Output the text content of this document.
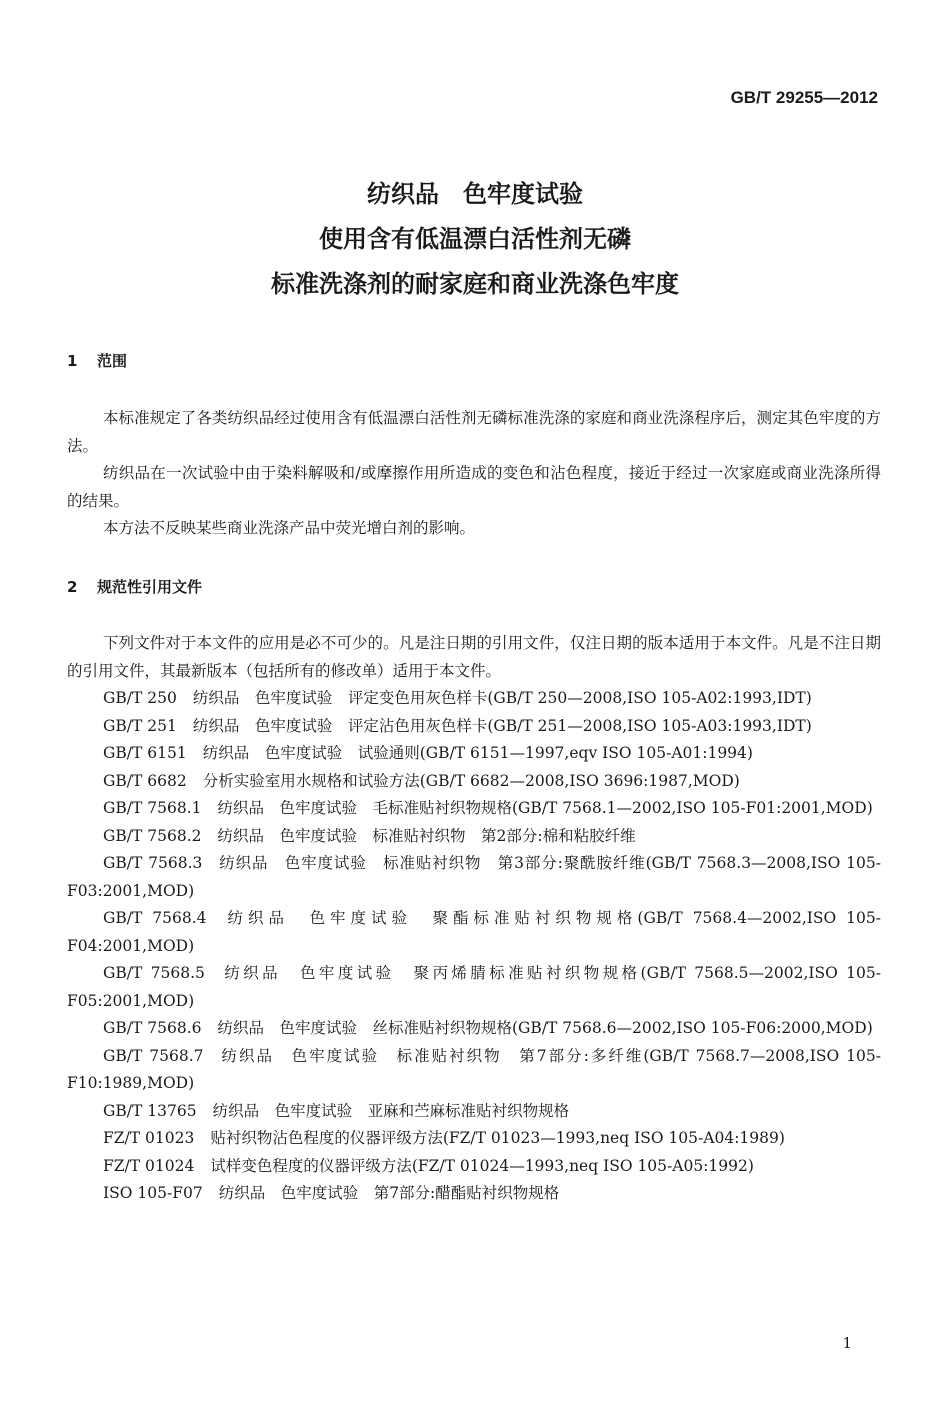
GB/T 29255—2012
纺织品　色牢度试验
使用含有低温漂白活性剂无磷
标准洗涤剂的耐家庭和商业洗涤色牢度
1 范围

本标准规定了各类纺织品经过使用含有低温漂白活性剂无磷标准洗涤的家庭和商业洗涤程序后，测定其色牢度的方法。

纺织品在一次试验中由于染料解吸和/或摩擦作用所造成的变色和沾色程度，接近于经过一次家庭或商业洗涤所得的结果。

本方法不反映某些商业洗涤产品中荧光增白剂的影响。

2 规范性引用文件

下列文件对于本文件的应用是必不可少的。凡是注日期的引用文件，仅注日期的版本适用于本文件。凡是不注日期的引用文件，其最新版本（包括所有的修改单）适用于本文件。

GB/T 250 纺织品　色牢度试验　评定变色用灰色样卡(GB/T 250—2008,ISO 105-A02:1993,IDT)

GB/T 251 纺织品　色牢度试验　评定沾色用灰色样卡(GB/T 251—2008,ISO 105-A03:1993,IDT)

GB/T 6151 纺织品　色牢度试验　试验通则(GB/T 6151—1997,eqv ISO 105-A01:1994)

GB/T 6682 分析实验室用水规格和试验方法(GB/T 6682—2008,ISO 3696:1987,MOD)

GB/T 7568.1 纺织品　色牢度试验　毛标准贴衬织物规格(GB/T 7568.1—2002,ISO 105-F01:2001,MOD)

GB/T 7568.2 纺织品　色牢度试验　标准贴衬织物　第2部分:棉和粘胶纤维

GB/T 7568.3 纺织品　色牢度试验　标准贴衬织物　第3部分:聚酰胺纤维(GB/T 7568.3—2008,ISO 105-F03:2001,MOD)

GB/T 7568.4 纺织品　色牢度试验　聚酯标准贴衬织物规格(GB/T 7568.4—2002,ISO 105-F04:2001,MOD)

GB/T 7568.5 纺织品　色牢度试验　聚丙烯腈标准贴衬织物规格(GB/T 7568.5—2002,ISO 105-F05:2001,MOD)

GB/T 7568.6 纺织品　色牢度试验　丝标准贴衬织物规格(GB/T 7568.6—2002,ISO 105-F06:2000,MOD)

GB/T 7568.7 纺织品　色牢度试验　标准贴衬织物　第7部分:多纤维(GB/T 7568.7—2008,ISO 105-F10:1989,MOD)

GB/T 13765 纺织品　色牢度试验　亚麻和苎麻标准贴衬织物规格

FZ/T 01023 贴衬织物沾色程度的仪器评级方法(FZ/T 01023—1993,neq ISO 105-A04:1989)

FZ/T 01024 试样变色程度的仪器评级方法(FZ/T 01024—1993,neq ISO 105-A05:1992)

ISO 105-F07 纺织品　色牢度试验　第7部分:醋酯贴衬织物规格

1
